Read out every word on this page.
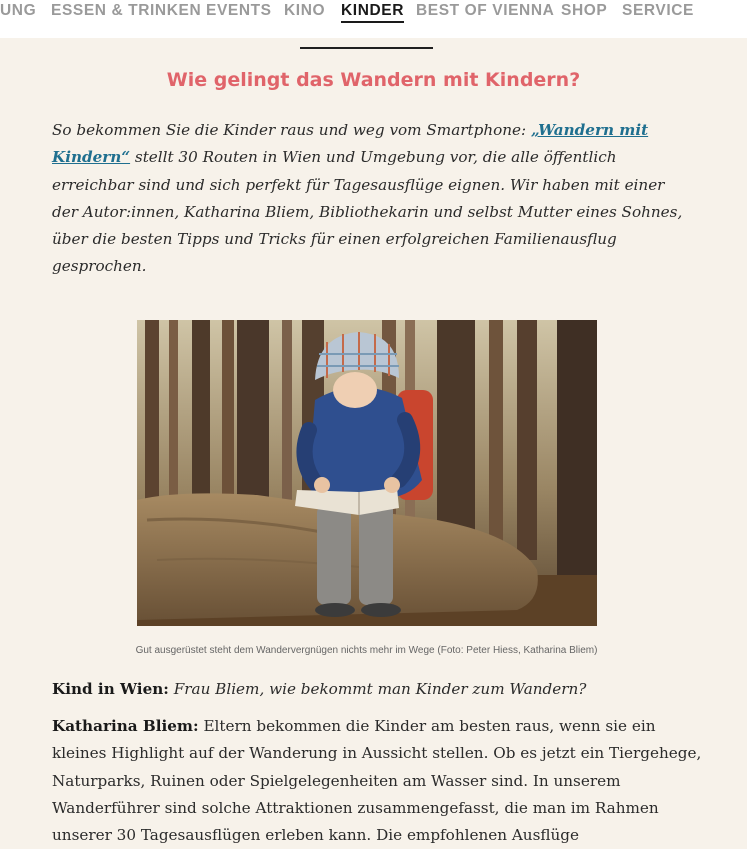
UNG ESSEN & TRINKEN EVENTS KINO KINDER BEST OF VIENNA SHOP SERVICE
Wie gelingt das Wandern mit Kindern?

So bekommen Sie die Kinder raus und weg vom Smartphone: „Wandern mit Kindern“ stellt 30 Routen in Wien und Umgebung vor, die alle öffentlich erreichbar sind und sich perfekt für Tagesausflüge eignen. Wir haben mit einer der Autor:innen, Katharina Bliem, Bibliothekarin und selbst Mutter eines Sohnes, über die besten Tipps und Tricks für einen erfolgreichen Familienausflug gesprochen.

Gut ausgerüstet steht dem Wandervergnügen nichts mehr im Wege (Foto: Peter Hiess, Katharina Bliem)

Kind in Wien: Frau Bliem, wie bekommt man Kinder zum Wandern?

Katharina Bliem: Eltern bekommen die Kinder am besten raus, wenn sie ein kleines Highlight auf der Wanderung in Aussicht stellen. Ob es jetzt ein Tiergehege, Naturparks, Ruinen oder Spielgelegenheiten am Wasser sind. In unserem Wanderführer sind solche Attraktionen zusammengefasst, die man im Rahmen unserer 30 Tagesausflügen erleben kann. Die empfohlenen Ausflüge
